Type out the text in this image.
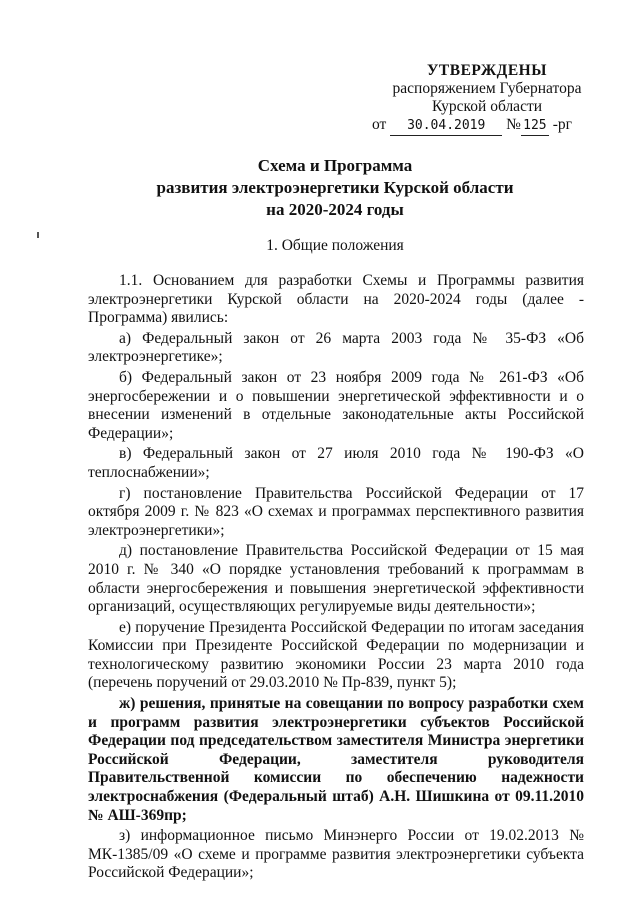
УТВЕРЖДЕНЫ
распоряжением Губернатора
Курской области
от 30.04.2019 № 125 -рг
Схема и Программа
развития электроэнергетики Курской области
на 2020-2024 годы
1. Общие положения

1.1. Основанием для разработки Схемы и Программы развития электроэнергетики Курской области на 2020-2024 годы (далее - Программа) явились:

а) Федеральный закон от 26 марта 2003 года № 35-ФЗ «Об электроэнергетике»;

б) Федеральный закон от 23 ноября 2009 года № 261-ФЗ «Об энергосбережении и о повышении энергетической эффективности и о внесении изменений в отдельные законодательные акты Российской Федерации»;

в) Федеральный закон от 27 июля 2010 года № 190-ФЗ «О теплоснабжении»;

г) постановление Правительства Российской Федерации от 17 октября 2009 г. № 823 «О схемах и программах перспективного развития электроэнергетики»;

д) постановление Правительства Российской Федерации от 15 мая 2010 г. № 340 «О порядке установления требований к программам в области энергосбережения и повышения энергетической эффективности организаций, осуществляющих регулируемые виды деятельности»;

е) поручение Президента Российской Федерации по итогам заседания Комиссии при Президенте Российской Федерации по модернизации и технологическому развитию экономики России 23 марта 2010 года (перечень поручений от 29.03.2010 № Пр-839, пункт 5);

ж) решения, принятые на совещании по вопросу разработки схем и программ развития электроэнергетики субъектов Российской Федерации под председательством заместителя Министра энергетики Российской Федерации, заместителя руководителя Правительственной комиссии по обеспечению надежности электроснабжения (Федеральный штаб) А.Н. Шишкина от 09.11.2010 № АШ-369пр;

з) информационное письмо Минэнерго России от 19.02.2013 № МК-1385/09 «О схеме и программе развития электроэнергетики субъекта Российской Федерации»;
